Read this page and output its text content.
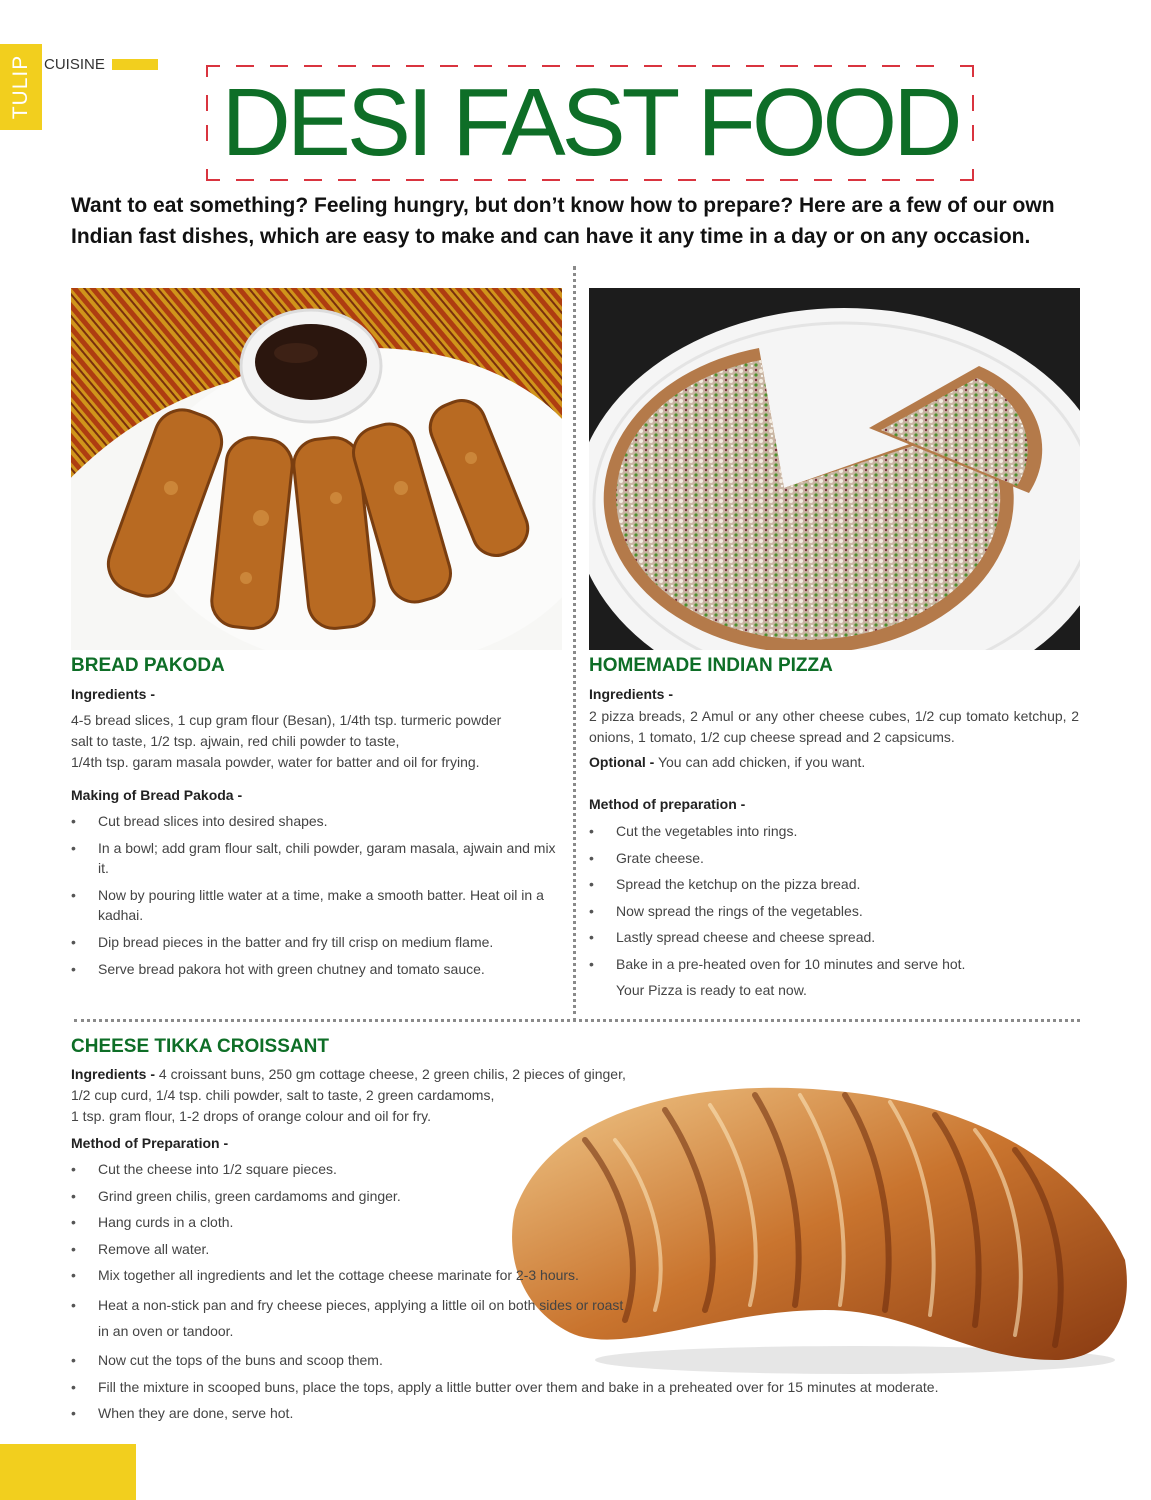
TULIP CUISINE
DESI FAST FOOD
Want to eat something? Feeling hungry, but don’t know how to prepare? Here are a few of our own Indian fast dishes, which are easy to make and can have it any time in a day or on any occasion.
BREAD PAKODA
Ingredients -
4-5 bread slices, 1 cup gram flour (Besan), 1/4th tsp. turmeric powder
salt to taste, 1/2 tsp. ajwain, red chili powder to taste,
1/4th tsp. garam masala powder, water for batter and oil for frying.
Making of Bread Pakoda -
• Cut bread slices into desired shapes.
• In a bowl; add gram flour salt, chili powder, garam masala, ajwain and mix it.
• Now by pouring little water at a time, make a smooth batter. Heat oil in a kadhai.
• Dip bread pieces in the batter and fry till crisp on medium flame.
• Serve bread pakora hot with green chutney and tomato sauce.
HOMEMADE INDIAN PIZZA
Ingredients -
2 pizza breads, 2 Amul or any other cheese cubes, 1/2 cup tomato ketchup, 2 onions, 1 tomato, 1/2 cup cheese spread and 2 capsicums.
Optional - You can add chicken, if you want.
Method of preparation -
• Cut the vegetables into rings.
• Grate cheese.
• Spread the ketchup on the pizza bread.
• Now spread the rings of the vegetables.
• Lastly spread cheese and cheese spread.
• Bake in a pre-heated oven for 10 minutes and serve hot.
Your Pizza is ready to eat now.
CHEESE TIKKA CROISSANT
Ingredients - 4 croissant buns, 250 gm cottage cheese, 2 green chilis, 2 pieces of ginger,
1/2 cup curd, 1/4 tsp. chili powder, salt to taste, 2 green cardamoms,
1 tsp. gram flour, 1-2 drops of orange colour and oil for fry.
Method of Preparation -
• Cut the cheese into 1/2 square pieces.
• Grind green chilis, green cardamoms and ginger.
• Hang curds in a cloth.
• Remove all water.
• Mix together all ingredients and let the cottage cheese marinate for 2-3 hours.
• Heat a non-stick pan and fry cheese pieces, applying a little oil on both sides or roast in an oven or tandoor.
• Now cut the tops of the buns and scoop them.
• Fill the mixture in scooped buns, place the tops, apply a little butter over them and bake in a preheated over for 15 minutes at moderate.
• When they are done, serve hot.
46 DECEMBER, 2011
